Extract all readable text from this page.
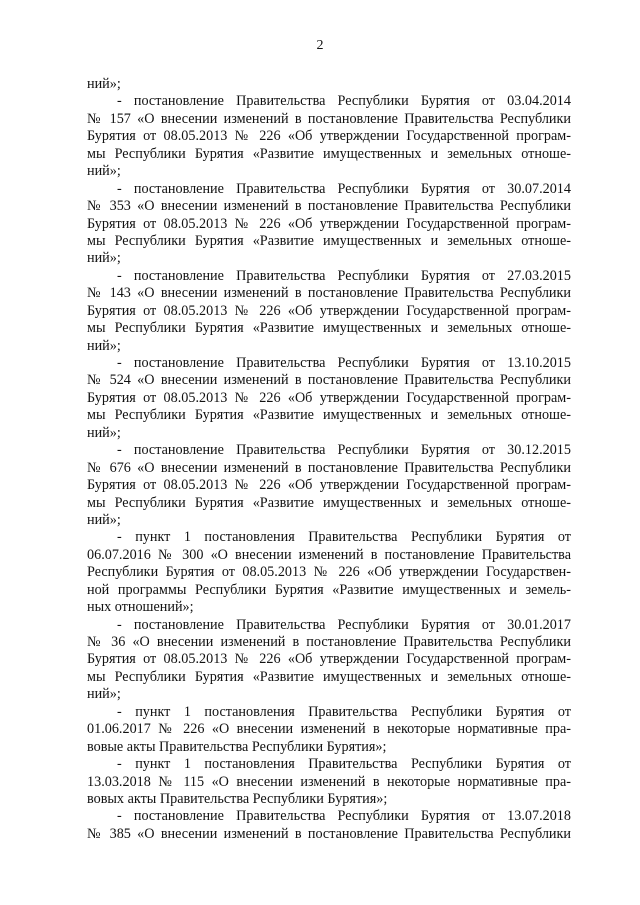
2
ний»;
- постановление Правительства Республики Бурятия от 03.04.2014
№ 157 «О внесении изменений в постановление Правительства Республики
Бурятия от 08.05.2013 № 226 «Об утверждении Государственной програм-
мы Республики Бурятия «Развитие имущественных и земельных отноше-
ний»;
- постановление Правительства Республики Бурятия от 30.07.2014
№ 353 «О внесении изменений в постановление Правительства Республики
Бурятия от 08.05.2013 № 226 «Об утверждении Государственной програм-
мы Республики Бурятия «Развитие имущественных и земельных отноше-
ний»;
- постановление Правительства Республики Бурятия от 27.03.2015
№ 143 «О внесении изменений в постановление Правительства Республики
Бурятия от 08.05.2013 № 226 «Об утверждении Государственной програм-
мы Республики Бурятия «Развитие имущественных и земельных отноше-
ний»;
- постановление Правительства Республики Бурятия от 13.10.2015
№ 524 «О внесении изменений в постановление Правительства Республики
Бурятия от 08.05.2013 № 226 «Об утверждении Государственной програм-
мы Республики Бурятия «Развитие имущественных и земельных отноше-
ний»;
- постановление Правительства Республики Бурятия от 30.12.2015
№ 676 «О внесении изменений в постановление Правительства Республики
Бурятия от 08.05.2013 № 226 «Об утверждении Государственной програм-
мы Республики Бурятия «Развитие имущественных и земельных отноше-
ний»;
- пункт 1 постановления Правительства Республики Бурятия от
06.07.2016 № 300 «О внесении изменений в постановление Правительства
Республики Бурятия от 08.05.2013 № 226 «Об утверждении Государствен-
ной программы Республики Бурятия «Развитие имущественных и земель-
ных отношений»;
- постановление Правительства Республики Бурятия от 30.01.2017
№ 36 «О внесении изменений в постановление Правительства Республики
Бурятия от 08.05.2013 № 226 «Об утверждении Государственной програм-
мы Республики Бурятия «Развитие имущественных и земельных отноше-
ний»;
- пункт 1 постановления Правительства Республики Бурятия от
01.06.2017 № 226 «О внесении изменений в некоторые нормативные пра-
вовые акты Правительства Республики Бурятия»;
- пункт 1 постановления Правительства Республики Бурятия от
13.03.2018 № 115 «О внесении изменений в некоторые нормативные пра-
вовых акты Правительства Республики Бурятия»;
- постановление Правительства Республики Бурятия от 13.07.2018
№ 385 «О внесении изменений в постановление Правительства Республики
